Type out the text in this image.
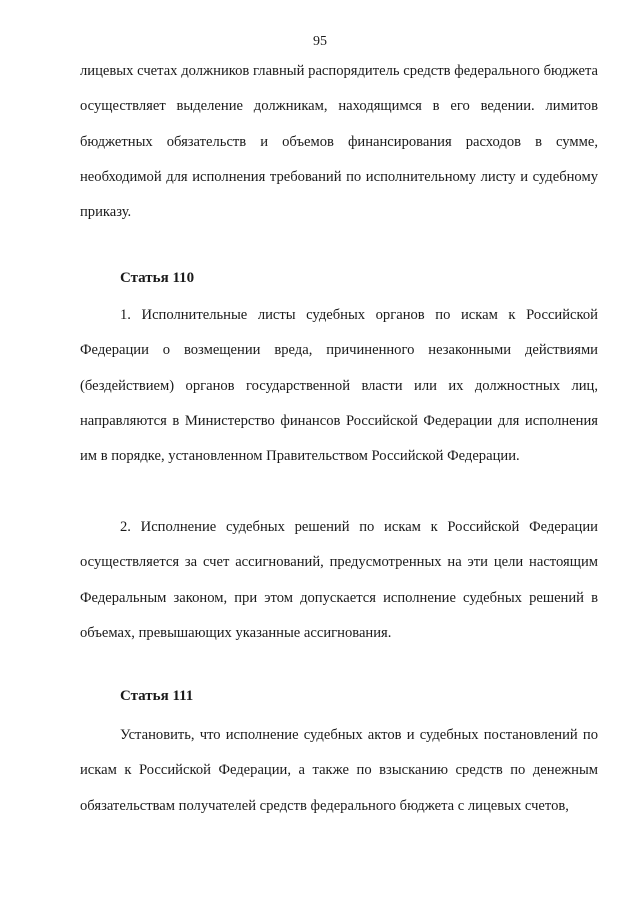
95

лицевых счетах должников главный распорядитель средств федерального бюджета осуществляет выделение должникам, находящимся в его ведении. лимитов бюджетных обязательств и объемов финансирования расходов в сумме, необходимой для исполнения требований по исполнительному листу и судебному приказу.

Статья 110

1. Исполнительные листы судебных органов по искам к Российской Федерации о возмещении вреда, причиненного незаконными действиями (бездействием) органов государственной власти или их должностных лиц, направляются в Министерство финансов Российской Федерации для исполнения им в порядке, установленном Правительством Российской Федерации.

2. Исполнение судебных решений по искам к Российской Федерации осуществляется за счет ассигнований, предусмотренных на эти цели настоящим Федеральным законом, при этом допускается исполнение судебных решений в объемах, превышающих указанные ассигнования.

Статья 111

Установить, что исполнение судебных актов и судебных постановлений по искам к Российской Федерации, а также по взысканию средств по денежным обязательствам получателей средств федерального бюджета с лицевых счетов,
